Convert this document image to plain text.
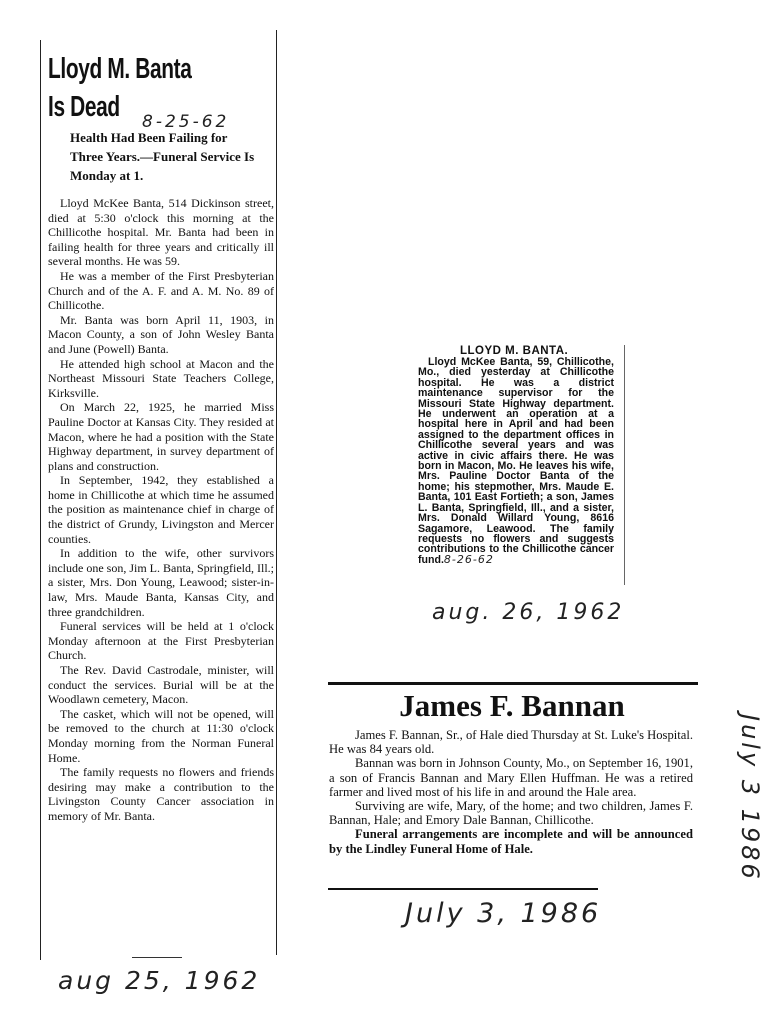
Lloyd M. Banta
Is Dead	8-25-62
Health Had Been Failing for Three Years.—Funeral Service Is Monday at 1.

Lloyd McKee Banta, 514 Dickinson street, died at 5:30 o'clock this morning at the Chillicothe hospital. Mr. Banta had been in failing health for three years and critically ill several months. He was 59.

He was a member of the First Presbyterian Church and of the A. F. and A. M. No. 89 of Chillicothe.

Mr. Banta was born April 11, 1903, in Macon County, a son of John Wesley Banta and June (Powell) Banta.

He attended high school at Macon and the Northeast Missouri State Teachers College, Kirksville.

On March 22, 1925, he married Miss Pauline Doctor at Kansas City. They resided at Macon, where he had a position with the State Highway department, in survey department of plans and construction.

In September, 1942, they established a home in Chillicothe at which time he assumed the position as maintenance chief in charge of the district of Grundy, Livingston and Mercer counties.

In addition to the wife, other survivors include one son, Jim L. Banta, Springfield, Ill.; a sister, Mrs. Don Young, Leawood; sister-in-law, Mrs. Maude Banta, Kansas City, and three grandchildren.

Funeral services will be held at 1 o'clock Monday afternoon at the First Presbyterian Church.

The Rev. David Castrodale, minister, will conduct the services. Burial will be at the Woodlawn cemetery, Macon.

The casket, which will not be opened, will be removed to the church at 11:30 o'clock Monday morning from the Norman Funeral Home.

The family requests no flowers and friends desiring may make a contribution to the Livingston County Cancer association in memory of Mr. Banta.

aug 25, 1962
LLOYD M. BANTA.

Lloyd McKee Banta, 59, Chillicothe, Mo., died yesterday at Chillicothe hospital. He was a district maintenance supervisor for the Missouri State Highway department. He underwent an operation at a hospital here in April and had been assigned to the department offices in Chillicothe several years and was active in civic affairs there. He was born in Macon, Mo. He leaves his wife, Mrs. Pauline Doctor Banta of the home; his stepmother, Mrs. Maude E. Banta, 101 East Fortieth; a son, James L. Banta, Springfield, Ill., and a sister, Mrs. Donald Willard Young, 8616 Sagamore, Leawood. The family requests no flowers and suggests contributions to the Chillicothe cancer fund.8-26-62

aug. 26, 1962
James F. Bannan

James F. Bannan, Sr., of Hale died Thursday at St. Luke's Hospital. He was 84 years old.

Bannan was born in Johnson County, Mo., on September 16, 1901, a son of Francis Bannan and Mary Ellen Huffman. He was a retired farmer and lived most of his life in and around the Hale area.

Surviving are wife, Mary, of the home; and two children, James F. Bannan, Hale; and Emory Dale Bannan, Chillicothe.

Funeral arrangements are incomplete and will be announced by the Lindley Funeral Home of Hale.	July 3 1986
July 3, 1986
